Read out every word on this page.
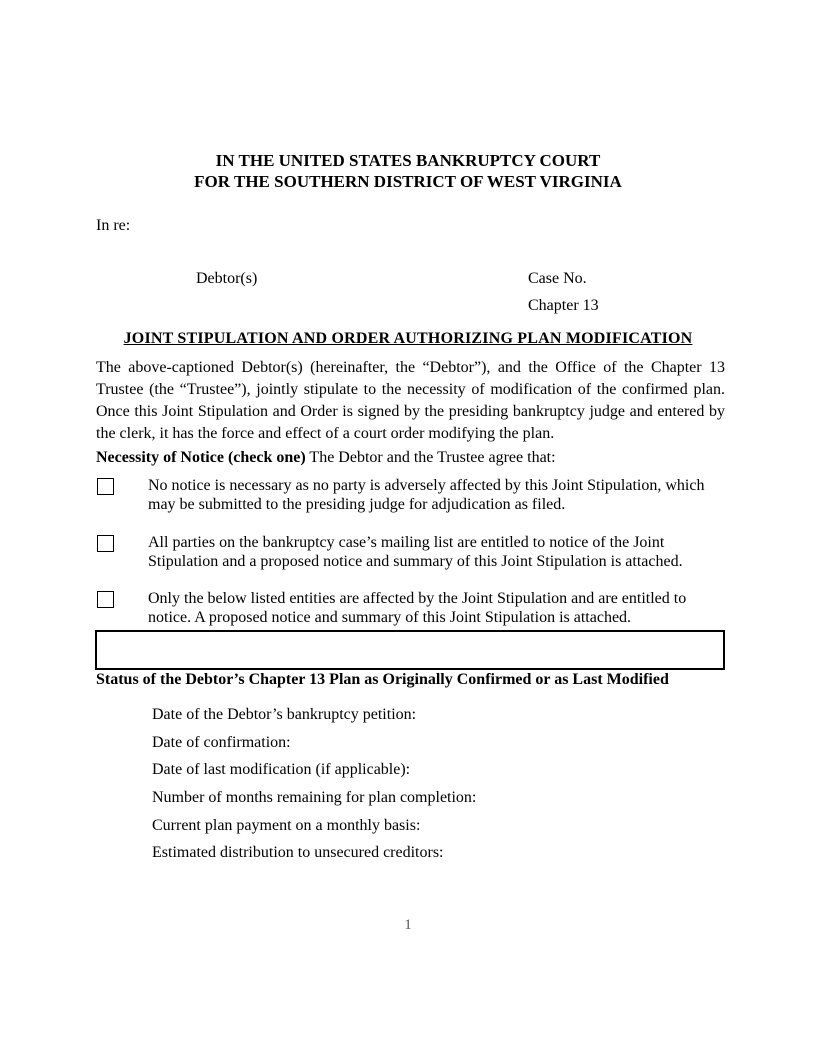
IN THE UNITED STATES BANKRUPTCY COURT
FOR THE SOUTHERN DISTRICT OF WEST VIRGINIA
In re:
Debtor(s)	Case No.
Chapter 13
JOINT STIPULATION AND ORDER AUTHORIZING PLAN MODIFICATION
The above-captioned Debtor(s) (hereinafter, the “Debtor”), and the Office of the Chapter 13 Trustee (the “Trustee”), jointly stipulate to the necessity of modification of the confirmed plan. Once this Joint Stipulation and Order is signed by the presiding bankruptcy judge and entered by the clerk, it has the force and effect of a court order modifying the plan.
Necessity of Notice (check one) The Debtor and the Trustee agree that:
No notice is necessary as no party is adversely affected by this Joint Stipulation, which may be submitted to the presiding judge for adjudication as filed.
All parties on the bankruptcy case’s mailing list are entitled to notice of the Joint Stipulation and a proposed notice and summary of this Joint Stipulation is attached.
Only the below listed entities are affected by the Joint Stipulation and are entitled to notice. A proposed notice and summary of this Joint Stipulation is attached.
Status of the Debtor’s Chapter 13 Plan as Originally Confirmed or as Last Modified
Date of the Debtor’s bankruptcy petition:
Date of confirmation:
Date of last modification (if applicable):
Number of months remaining for plan completion:
Current plan payment on a monthly basis:
Estimated distribution to unsecured creditors:
1
